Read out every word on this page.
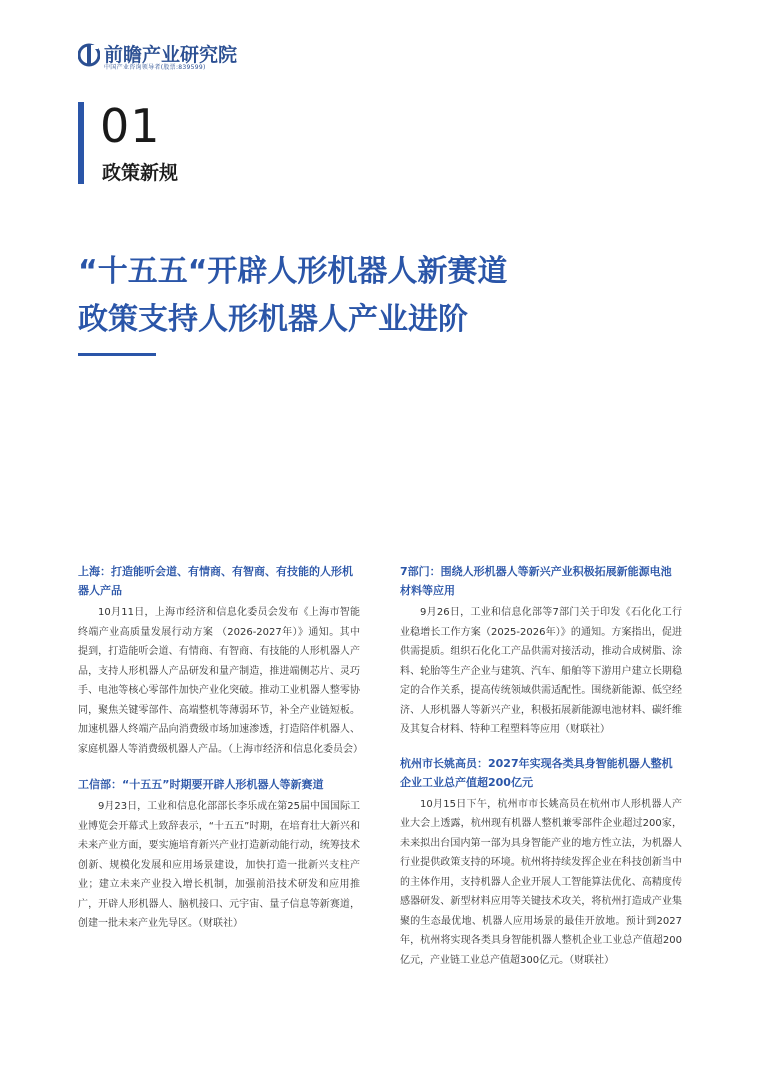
前瞻产业研究院
中国产业咨询领导者(股票:839599)
01
政策新规
“十五五“开辟人形机器人新赛道
政策支持人形机器人产业进阶

上海：打造能听会道、有情商、有智商、有技能的人形机器人产品

10月11日，上海市经济和信息化委员会发布《上海市智能终端产业高质量发展行动方案 （2026-2027年）》通知。其中提到，打造能听会道、有情商、有智商、有技能的人形机器人产品，支持人形机器人产品研发和量产制造，推进端侧芯片、灵巧手、电池等核心零部件加快产业化突破。推动工业机器人整零协同，聚焦关键零部件、高端整机等薄弱环节，补全产业链短板。加速机器人终端产品向消费级市场加速渗透，打造陪伴机器人、家庭机器人等消费级机器人产品。（上海市经济和信息化委员会）

工信部：“十五五”时期要开辟人形机器人等新赛道

9月23日，工业和信息化部部长李乐成在第25届中国国际工业博览会开幕式上致辞表示，“十五五”时期，在培育壮大新兴和未来产业方面，要实施培育新兴产业打造新动能行动，统筹技术创新、规模化发展和应用场景建设，加快打造一批新兴支柱产业；建立未来产业投入增长机制，加强前沿技术研发和应用推广，开辟人形机器人、脑机接口、元宇宙、量子信息等新赛道，创建一批未来产业先导区。（财联社）

7部门：围绕人形机器人等新兴产业积极拓展新能源电池材料等应用

9月26日，工业和信息化部等7部门关于印发《石化化工行业稳增长工作方案（2025-2026年）》的通知。方案指出，促进供需提质。组织石化化工产品供需对接活动，推动合成树脂、涂料、轮胎等生产企业与建筑、汽车、船舶等下游用户建立长期稳定的合作关系，提高传统领域供需适配性。围绕新能源、低空经济、人形机器人等新兴产业，积极拓展新能源电池材料、碳纤维及其复合材料、特种工程塑料等应用（财联社）

杭州市长姚高员：2027年实现各类具身智能机器人整机企业工业总产值超200亿元

10月15日下午，杭州市市长姚高员在杭州市人形机器人产业大会上透露，杭州现有机器人整机兼零部件企业超过200家，未来拟出台国内第一部为具身智能产业的地方性立法，为机器人行业提供政策支持的环境。杭州将持续发挥企业在科技创新当中的主体作用，支持机器人企业开展人工智能算法优化、高精度传感器研发、新型材料应用等关键技术攻关，将杭州打造成产业集聚的生态最优地、机器人应用场景的最佳开放地。预计到2027年，杭州将实现各类具身智能机器人整机企业工业总产值超200亿元，产业链工业总产值超300亿元。（财联社）
